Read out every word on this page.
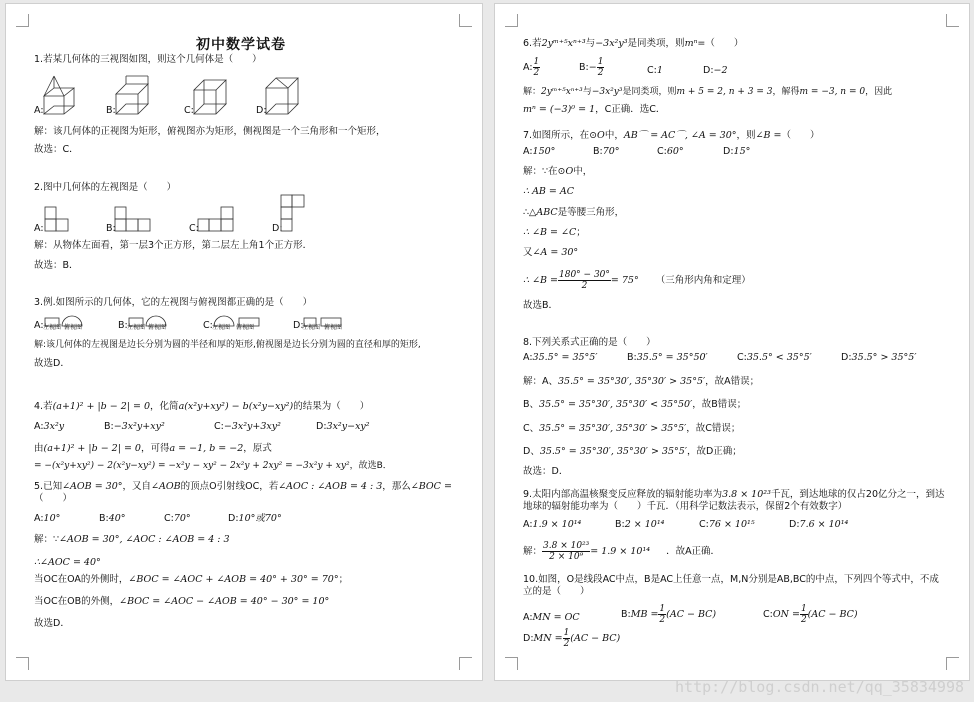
初中数学试卷
1.若某几何体的三视图如图，则这个几何体是（　　）
A:	B:	C:	D:
解：该几何体的正视图为矩形，俯视图亦为矩形，侧视图是一个三角形和一个矩形，
故选：C．
2.图中几何体的左视图是（　　）
A:	B:	C:	D:
解：从物体左面看，第一层3个正方形，第二层左上角1个正方形．
故选：B．
3.例.如图所示的几何体，它的左视图与俯视图都正确的是（　　）
A:	B:	C:	D:
左视图 俯视图	左视图 俯视图	左视图 俯视图	左视图 俯视图
解:该几何体的左视图是边长分别为圆的半径和厚的矩形,俯视图是边长分别为圆的直径和厚的矩形,
故选D．
4.若(a+1)² + |b − 2| = 0，化简a(x²y+xy²) − b(x²y−xy²)的结果为（　　）
A:3x²y	B:−3x²y+xy²	C:−3x²y+3xy²	D:3x²y−xy²
由(a+1)² + |b − 2| = 0，可得a = −1, b = −2，原式
= −(x²y+xy²) − 2(x²y−xy²) = −x²y − xy² − 2x²y + 2xy² = −3x²y + xy²，故选B．
5.已知∠AOB = 30°，又自∠AOB的顶点O引射线OC，若∠AOC : ∠AOB = 4 : 3，那么∠BOC =（　　）
A:10°	B:40°	C:70°	D:10°或70°
解：∵∠AOB = 30°, ∠AOC : ∠AOB = 4 : 3
∴∠AOC = 40°
当OC在OA的外侧时，∠BOC = ∠AOC + ∠AOB = 40° + 30° = 70°；
当OC在OB的外侧，∠BOC = ∠AOC − ∠AOB = 40° − 30° = 10°
故选D．
6.若2yᵐ⁺⁵xⁿ⁺³与−3x²y³是同类项，则mⁿ=（　　）
A: $\frac{1}{2}$	B:− $\frac{1}{2}$	C:1	D:−2
解：2yᵐ⁺⁵xⁿ⁺³与−3x²y³是同类项，则m + 5 = 2, n + 3 = 3，解得m = −3, n = 0，因此
mⁿ = (−3)⁰ = 1，C正确．选C．
7.如图所示，在⊙O中，AB⌒ = AC⌒, ∠A = 30°，则∠B =（　　）
A:150°	B:70°	C:60°	D:15°
解：∵在⊙O中，
∴ AB = AC
∴△ABC是等腰三角形，
∴ ∠B = ∠C；
又∠A = 30°
∴ ∠B = $\frac{180^\circ - 30^\circ}{2} = 75^\circ$ （三角形内角和定理）
故选B．
8.下列关系式正确的是（　　）
A:35.5° = 35°5′	B:35.5° = 35°50′	C:35.5° < 35°5′	D:35.5° > 35°5′
解：A、35.5° = 35°30′, 35°30′ > 35°5′，故A错误；
B、35.5° = 35°30′, 35°30′ < 35°50′，故B错误；
C、35.5° = 35°30′, 35°30′ > 35°5′，故C错误；
D、35.5° = 35°30′, 35°30′ > 35°5′，故D正确；
故选：D．
9.太阳内部高温核聚变反应释放的辐射能功率为3.8 × 10²³千瓦，到达地球的仅占20亿分之一，到达地球的辐射能功率为（　　）千瓦．（用科学记数法表示，保留2个有效数字）
A:1.9 × 10¹⁴	B:2 × 10¹⁴	C:76 × 10¹⁵	D:7.6 × 10¹⁴
解： $\frac{\text{3.8 × 10²³}}{\text{2 × 10⁹}} = 1.9 \times 10^{14}$ ．故A正确．
10.如图，O是线段AC中点，B是AC上任意一点，M,N分别是AB,BC的中点，下列四个等式中，不成立的是（　　）
A:MN = OC	B:MB = $\frac{1}{2} (AC - BC)$	C:ON = $\frac{1}{2} (AC - BC)$
D:MN = $\frac{1}{2} (AC - BC)$
http://blog.csdn.net/qq_35834998
